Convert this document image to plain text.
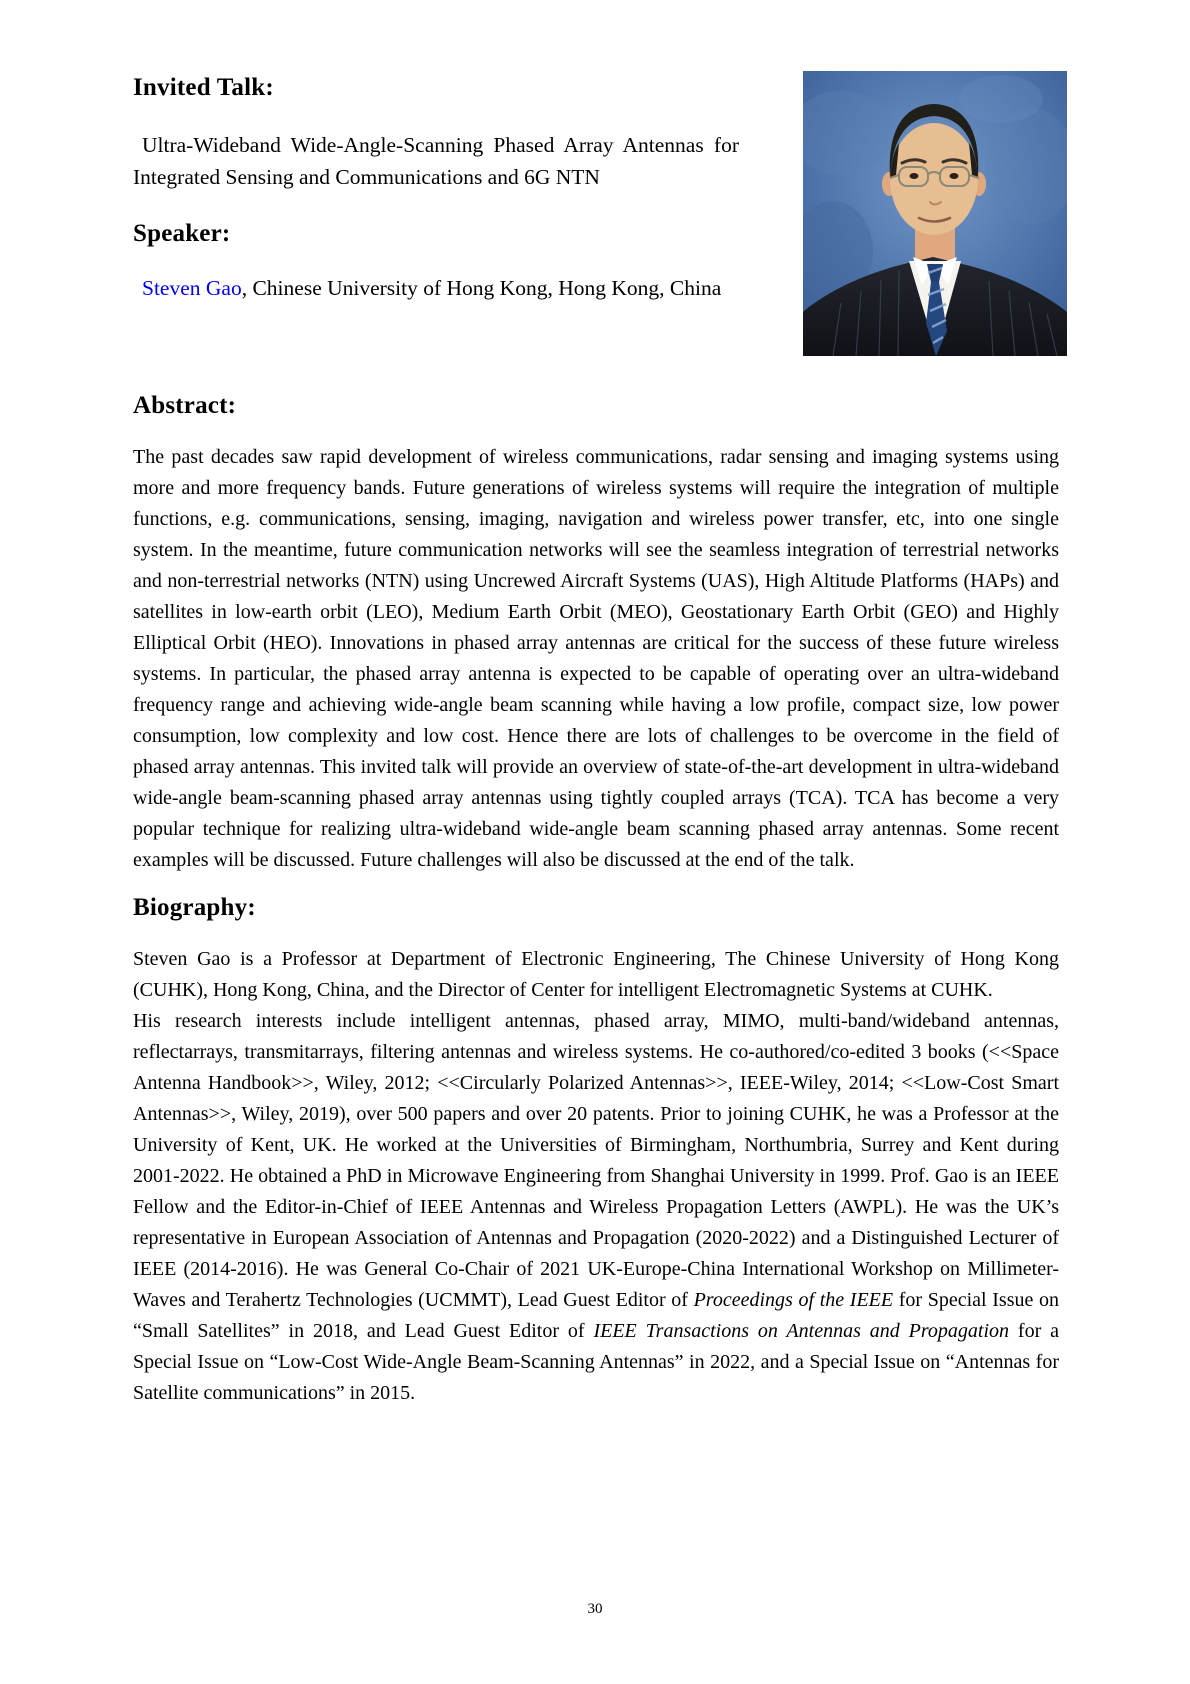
Invited Talk:

Ultra-Wideband Wide-Angle-Scanning Phased Array Antennas for Integrated Sensing and Communications and 6G NTN

Speaker:

Steven Gao, Chinese University of Hong Kong, Hong Kong, China

Abstract:

The past decades saw rapid development of wireless communications, radar sensing and imaging systems using more and more frequency bands. Future generations of wireless systems will require the integration of multiple functions, e.g. communications, sensing, imaging, navigation and wireless power transfer, etc, into one single system. In the meantime, future communication networks will see the seamless integration of terrestrial networks and non-terrestrial networks (NTN) using Uncrewed Aircraft Systems (UAS), High Altitude Platforms (HAPs) and satellites in low-earth orbit (LEO), Medium Earth Orbit (MEO), Geostationary Earth Orbit (GEO) and Highly Elliptical Orbit (HEO). Innovations in phased array antennas are critical for the success of these future wireless systems. In particular, the phased array antenna is expected to be capable of operating over an ultra-wideband frequency range and achieving wide-angle beam scanning while having a low profile, compact size, low power consumption, low complexity and low cost. Hence there are lots of challenges to be overcome in the field of phased array antennas. This invited talk will provide an overview of state-of-the-art development in ultra-wideband wide-angle beam-scanning phased array antennas using tightly coupled arrays (TCA). TCA has become a very popular technique for realizing ultra-wideband wide-angle beam scanning phased array antennas. Some recent examples will be discussed. Future challenges will also be discussed at the end of the talk.

Biography:

Steven Gao is a Professor at Department of Electronic Engineering, The Chinese University of Hong Kong (CUHK), Hong Kong, China, and the Director of Center for intelligent Electromagnetic Systems at CUHK.

His research interests include intelligent antennas, phased array, MIMO, multi-band/wideband antennas, reflectarrays, transmitarrays, filtering antennas and wireless systems. He co-authored/co-edited 3 books (<<Space Antenna Handbook>>, Wiley, 2012; <<Circularly Polarized Antennas>>, IEEE-Wiley, 2014; <<Low-Cost Smart Antennas>>, Wiley, 2019), over 500 papers and over 20 patents. Prior to joining CUHK, he was a Professor at the University of Kent, UK. He worked at the Universities of Birmingham, Northumbria, Surrey and Kent during 2001-2022. He obtained a PhD in Microwave Engineering from Shanghai University in 1999. Prof. Gao is an IEEE Fellow and the Editor-in-Chief of IEEE Antennas and Wireless Propagation Letters (AWPL). He was the UK’s representative in European Association of Antennas and Propagation (2020-2022) and a Distinguished Lecturer of IEEE (2014-2016). He was General Co-Chair of 2021 UK-Europe-China International Workshop on Millimeter-Waves and Terahertz Technologies (UCMMT), Lead Guest Editor of Proceedings of the IEEE for Special Issue on “Small Satellites” in 2018, and Lead Guest Editor of IEEE Transactions on Antennas and Propagation for a Special Issue on “Low-Cost Wide-Angle Beam-Scanning Antennas” in 2022, and a Special Issue on “Antennas for Satellite communications” in 2015.

30
